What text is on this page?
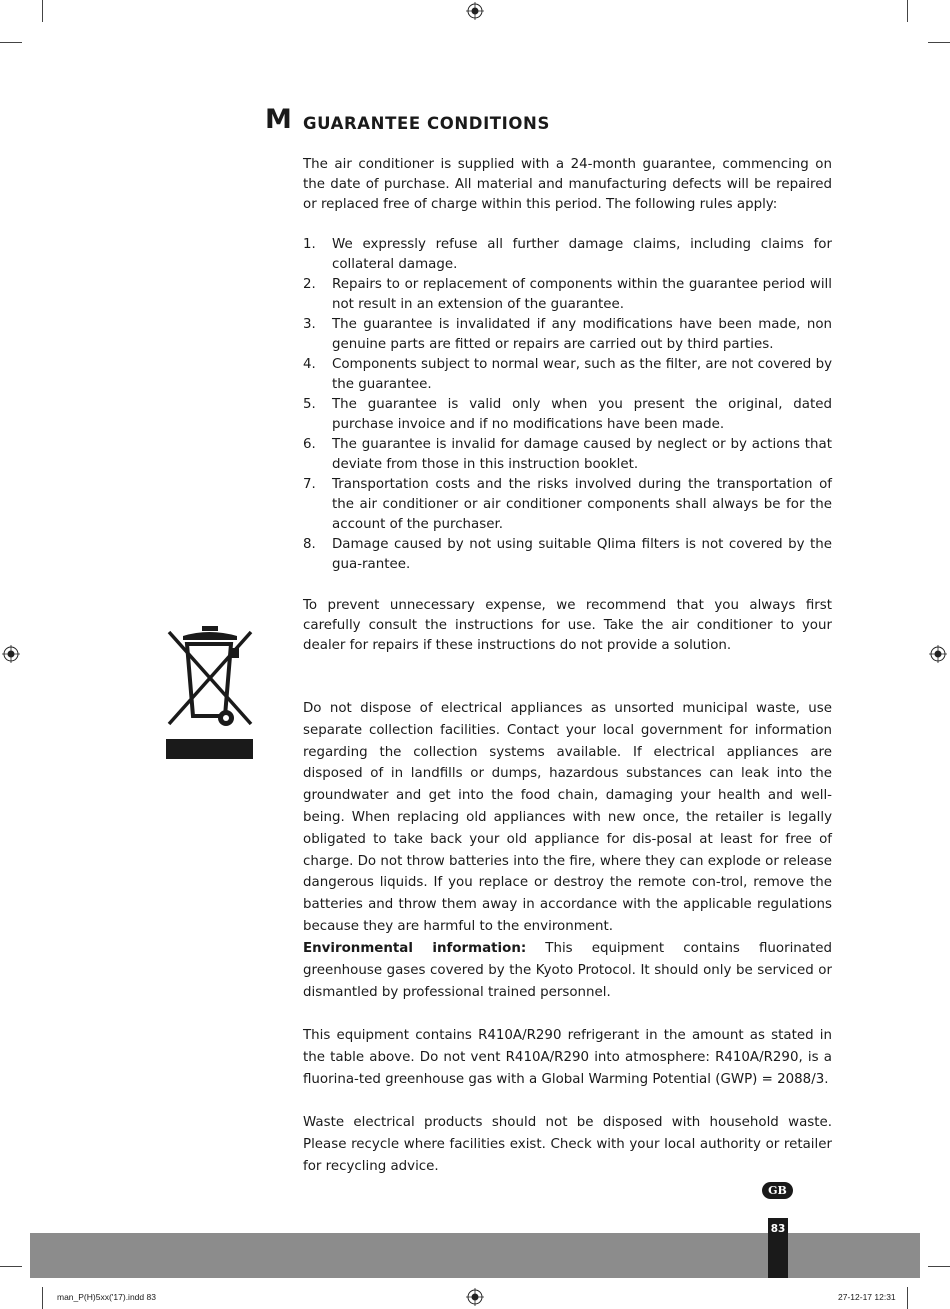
M GUARANTEE CONDITIONS
The air conditioner is supplied with a 24-month guarantee, commencing on the date of purchase. All material and manufacturing defects will be repaired or replaced free of charge within this period. The following rules apply:
1. We expressly refuse all further damage claims, including claims for collateral damage.
2. Repairs to or replacement of components within the guarantee period will not result in an extension of the guarantee.
3. The guarantee is invalidated if any modifications have been made, non genuine parts are fitted or repairs are carried out by third parties.
4. Components subject to normal wear, such as the filter, are not covered by the guarantee.
5. The guarantee is valid only when you present the original, dated purchase invoice and if no modifications have been made.
6. The guarantee is invalid for damage caused by neglect or by actions that deviate from those in this instruction booklet.
7. Transportation costs and the risks involved during the transportation of the air conditioner or air conditioner components shall always be for the account of the purchaser.
8. Damage caused by not using suitable Qlima filters is not covered by the gua-rantee.
To prevent unnecessary expense, we recommend that you always first carefully consult the instructions for use. Take the air conditioner to your dealer for repairs if these instructions do not provide a solution.
Do not dispose of electrical appliances as unsorted municipal waste, use separate collection facilities. Contact your local government for information regarding the collection systems available. If electrical appliances are disposed of in landfills or dumps, hazardous substances can leak into the groundwater and get into the food chain, damaging your health and well-being. When replacing old appliances with new once, the retailer is legally obligated to take back your old appliance for dis-posal at least for free of charge. Do not throw batteries into the fire, where they can explode or release dangerous liquids. If you replace or destroy the remote con-trol, remove the batteries and throw them away in accordance with the applicable regulations because they are harmful to the environment.
Environmental information: This equipment contains fluorinated greenhouse gases covered by the Kyoto Protocol. It should only be serviced or dismantled by professional trained personnel.
This equipment contains R410A/R290 refrigerant in the amount as stated in the table above. Do not vent R410A/R290 into atmosphere: R410A/R290, is a fluorina-ted greenhouse gas with a Global Warming Potential (GWP) = 2088/3.
Waste electrical products should not be disposed with household waste. Please recycle where facilities exist. Check with your local authority or retailer for recycling advice.
GB
83
man_P(H)5xx('17).indd 83	27-12-17 12:31
